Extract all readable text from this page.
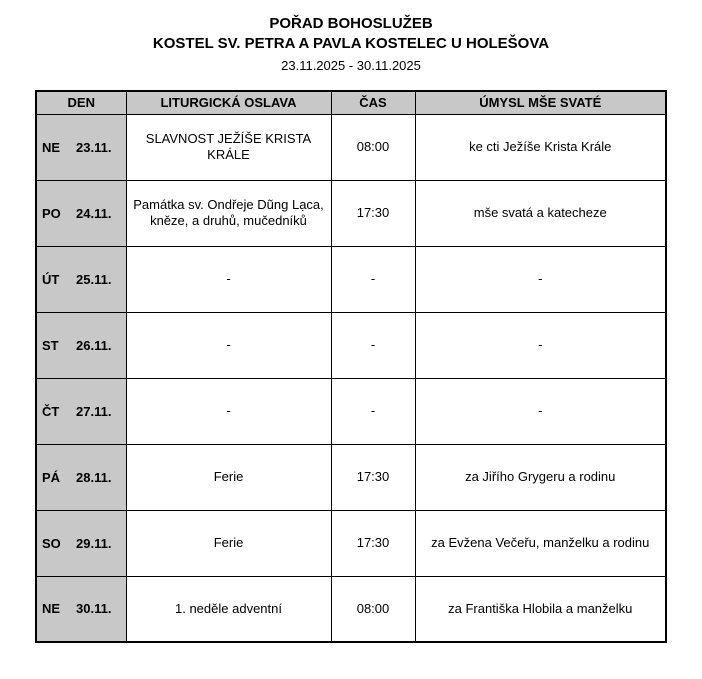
POŘAD BOHOSLUŽEB

KOSTEL SV. PETRA A PAVLA KOSTELEC U HOLEŠOVA

23.11.2025 - 30.11.2025

DEN	LITURGICKÁ OSLAVA	ČAS	ÚMYSL MŠE SVATÉ
NE 23.11.	SLAVNOST JEŽÍŠE KRISTA KRÁLE	08:00	ke cti Ježíše Krista Krále
PO 24.11.	Památka sv. Ondřeje Dũng Lạca, kněze, a druhů, mučedníků	17:30	mše svatá a katecheze
ÚT 25.11.	-	-	-
ST 26.11.	-	-	-
ČT 27.11.	-	-	-
PÁ 28.11.	Ferie	17:30	za Jiřího Grygeru a rodinu
SO 29.11.	Ferie	17:30	za Evžena Večeřu, manželku a rodinu
NE 30.11.	1. neděle adventní	08:00	za Františka Hlobila a manželku
